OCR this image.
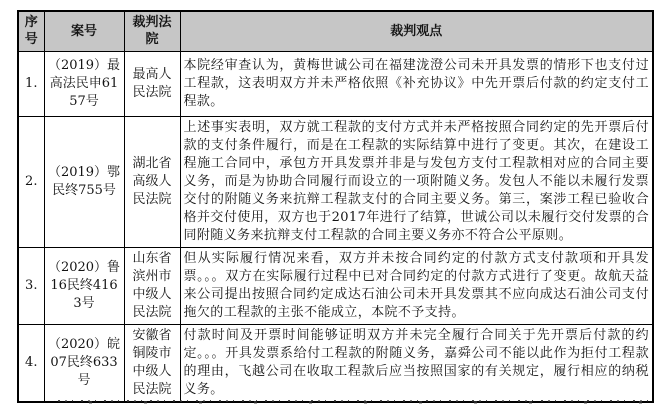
序号	案号	裁判法院	裁判观点
1.	（2019）最高法民申6157号	最高人民法院	本院经审查认为，黄梅世诚公司在福建泷澄公司未开具发票的情形下也支付过工程款，这表明双方并未严格依照《补充协议》中先开票后付款的约定支付工程款。
2.	（2019）鄂民终755号	湖北省高级人民法院	上述事实表明，双方就工程款的支付方式并未严格按照合同约定的先开票后付款的支付条件履行，而是在工程款的实际结算中进行了变更。其次，在建设工程施工合同中，承包方开具发票并非是与发包方支付工程款相对应的合同主要义务，而是为协助合同履行而设立的一项附随义务。发包人不能以未履行发票交付的附随义务来抗辩工程款支付的合同主要义务。第三，案涉工程已验收合格并交付使用，双方也于2017年进行了结算，世诚公司以未履行交付发票的合同附随义务来抗辩支付工程款的合同主要义务亦不符合公平原则。
3.	（2020）鲁16民终4163号	山东省滨州市中级人民法院	但从实际履行情况来看，双方并未按合同约定的付款方式支付款项和开具发票。。。双方在实际履行过程中已对合同约定的付款方式进行了变更。故航天益来公司提出按照合同约定成达石油公司未开具发票其不应向成达石油公司支付拖欠的工程款的主张不能成立，本院不予支持。
4.	（2020）皖07民终633号	安徽省铜陵市中级人民法院	付款时间及开票时间能够证明双方并未完全履行合同关于先开票后付款的约定。。。开具发票系给付工程款的附随义务，嘉舜公司不能以此作为拒付工程款的理由，飞越公司在收取工程款后应当按照国家的有关规定，履行相应的纳税义务。
